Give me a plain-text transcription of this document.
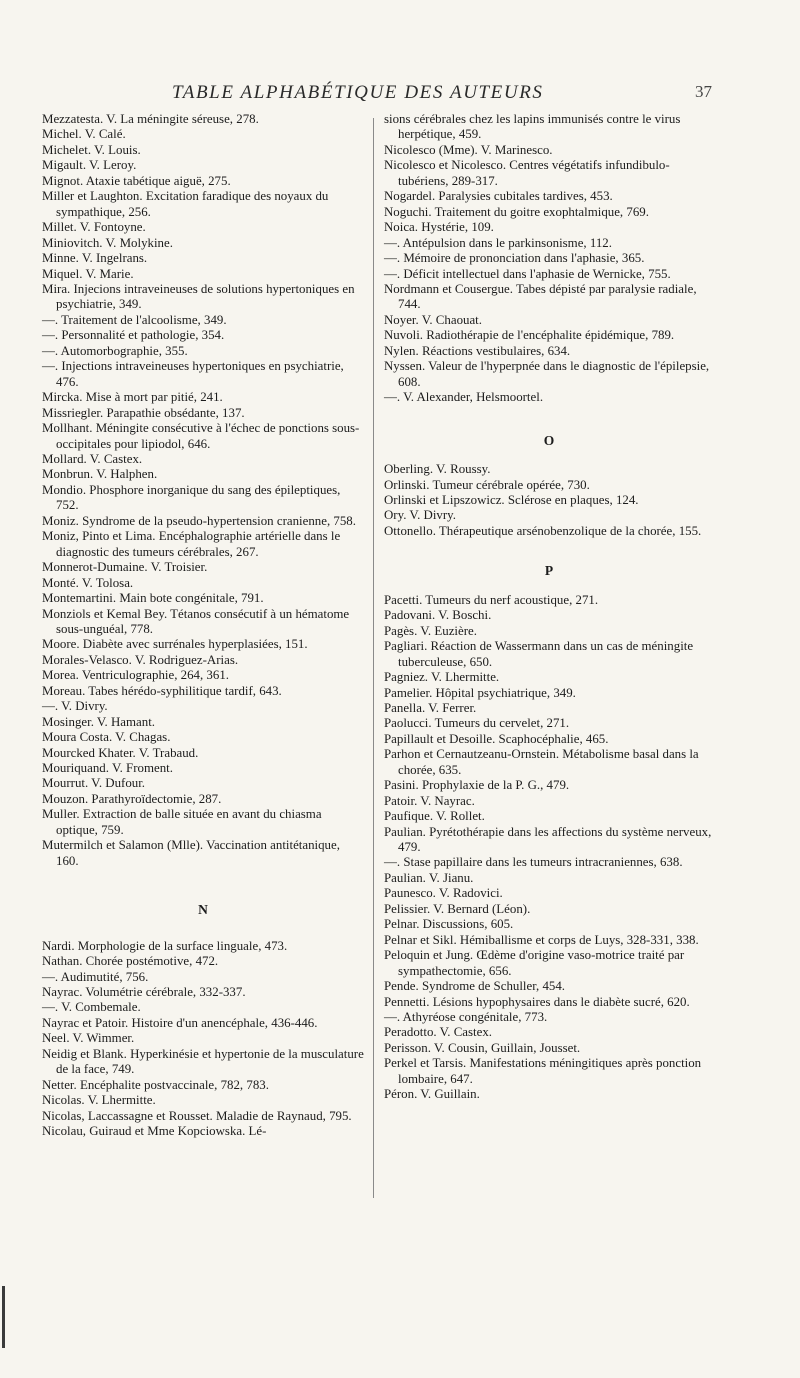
TABLE ALPHABÉTIQUE DES AUTEURS	37
Mezzatesta. V. La méningite séreuse, 278.
Michel. V. Calé.
Michelet. V. Louis.
Migault. V. Leroy.
Mignot. Ataxie tabétique aiguë, 275.
Miller et Laughton. Excitation faradique des noyaux du sympathique, 256.
Millet. V. Fontoyne.
Miniovitch. V. Molykine.
Minne. V. Ingelrans.
Miquel. V. Marie.
Mira. Injecions intraveineuses de solutions hypertoniques en psychiatrie, 349.
—. Traitement de l'alcoolisme, 349.
—. Personnalité et pathologie, 354.
—. Automorbographie, 355.
—. Injections intraveineuses hypertoniques en psychiatrie, 476.
Mircka. Mise à mort par pitié, 241.
Missriegler. Parapathie obsédante, 137.
Mollhant. Méningite consécutive à l'échec de ponctions sous-occipitales pour lipiodol, 646.
Mollard. V. Castex.
Monbrun. V. Halphen.
Mondio. Phosphore inorganique du sang des épileptiques, 752.
Moniz. Syndrome de la pseudo-hypertension cranienne, 758.
Moniz, Pinto et Lima. Encéphalographie artérielle dans le diagnostic des tumeurs cérébrales, 267.
Monnerot-Dumaine. V. Troisier.
Monté. V. Tolosa.
Montemartini. Main bote congénitale, 791.
Monziols et Kemal Bey. Tétanos consécutif à un hématome sous-unguéal, 778.
Moore. Diabète avec surrénales hyperplasiées, 151.
Morales-Velasco. V. Rodriguez-Arias.
Morea. Ventriculographie, 264, 361.
Moreau. Tabes hérédo-syphilitique tardif, 643.
—. V. Divry.
Mosinger. V. Hamant.
Moura Costa. V. Chagas.
Mourcked Khater. V. Trabaud.
Mouriquand. V. Froment.
Mourrut. V. Dufour.
Mouzon. Parathyroïdectomie, 287.
Muller. Extraction de balle située en avant du chiasma optique, 759.
Mutermilch et Salamon (Mlle). Vaccination antitétanique, 160.
N
Nardi. Morphologie de la surface linguale, 473.
Nathan. Chorée postémotive, 472.
—. Audimutité, 756.
Nayrac. Volumétrie cérébrale, 332-337.
—. V. Combemale.
Nayrac et Patoir. Histoire d'un anencéphale, 436-446.
Neel. V. Wimmer.
Neidig et Blank. Hyperkinésie et hypertonie de la musculature de la face, 749.
Netter. Encéphalite postvaccinale, 782, 783.
Nicolas. V. Lhermitte.
Nicolas, Laccassagne et Rousset. Maladie de Raynaud, 795.
Nicolau, Guiraud et Mme Kopciowska. Lé-
sions cérébrales chez les lapins immunisés contre le virus herpétique, 459.
Nicolesco (Mme). V. Marinesco.
Nicolesco et Nicolesco. Centres végétatifs infundibulo-tubériens, 289-317.
Nogardel. Paralysies cubitales tardives, 453.
Noguchi. Traitement du goitre exophtalmique, 769.
Noica. Hystérie, 109.
—. Antépulsion dans le parkinsonisme, 112.
—. Mémoire de prononciation dans l'aphasie, 365.
—. Déficit intellectuel dans l'aphasie de Wernicke, 755.
Nordmann et Cousergue. Tabes dépisté par paralysie radiale, 744.
Noyer. V. Chaouat.
Nuvoli. Radiothérapie de l'encéphalite épidémique, 789.
Nylen. Réactions vestibulaires, 634.
Nyssen. Valeur de l'hyperpnée dans le diagnostic de l'épilepsie, 608.
—. V. Alexander, Helsmoortel.
O
Oberling. V. Roussy.
Orlinski. Tumeur cérébrale opérée, 730.
Orlinski et Lipszowicz. Sclérose en plaques, 124.
Ory. V. Divry.
Ottonello. Thérapeutique arsénobenzolique de la chorée, 155.
P
Pacetti. Tumeurs du nerf acoustique, 271.
Padovani. V. Boschi.
Pagès. V. Euzière.
Pagliari. Réaction de Wassermann dans un cas de méningite tuberculeuse, 650.
Pagniez. V. Lhermitte.
Pamelier. Hôpital psychiatrique, 349.
Panella. V. Ferrer.
Paolucci. Tumeurs du cervelet, 271.
Papillault et Desoille. Scaphocéphalie, 465.
Parhon et Cernautzeanu-Ornstein. Métabolisme basal dans la chorée, 635.
Pasini. Prophylaxie de la P. G., 479.
Patoir. V. Nayrac.
Paufique. V. Rollet.
Paulian. Pyrétothérapie dans les affections du système nerveux, 479.
—. Stase papillaire dans les tumeurs intracraniennes, 638.
Paulian. V. Jianu.
Paunesco. V. Radovici.
Pelissier. V. Bernard (Léon).
Pelnar. Discussions, 605.
Pelnar et Sikl. Hémiballisme et corps de Luys, 328-331, 338.
Peloquin et Jung. Œdème d'origine vaso-motrice traité par sympathectomie, 656.
Pende. Syndrome de Schuller, 454.
Pennetti. Lésions hypophysaires dans le diabète sucré, 620.
—. Athyréose congénitale, 773.
Peradotto. V. Castex.
Perisson. V. Cousin, Guillain, Jousset.
Perkel et Tarsis. Manifestations méningitiques après ponction lombaire, 647.
Péron. V. Guillain.
